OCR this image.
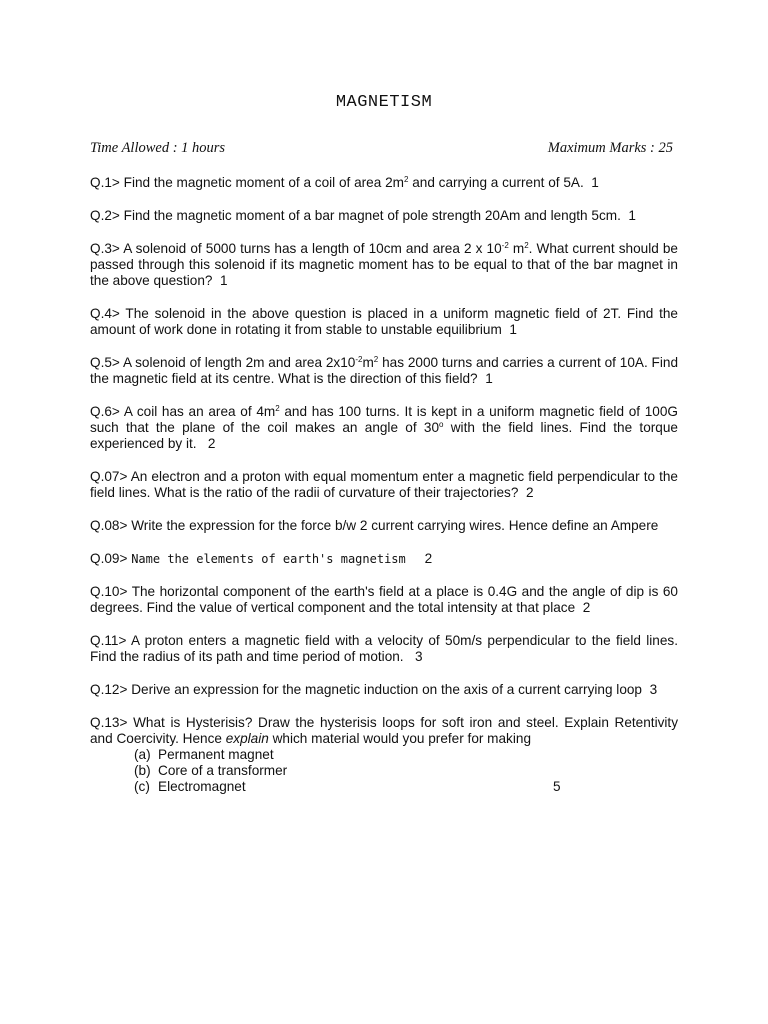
MAGNETISM
Time Allowed : 1 hours	Maximum Marks : 25

Q.1> Find the magnetic moment of a coil of area $2m^2$ and carrying a current of 5A. 1

Q.2> Find the magnetic moment of a bar magnet of pole strength 20Am and length 5cm. 1

Q.3> A solenoid of 5000 turns has a length of 10cm and area 2 x $10^{-2}$ $m^2$. What current should be passed through this solenoid if its magnetic moment has to be equal to that of the bar magnet in the above question? 1

Q.4> The solenoid in the above question is placed in a uniform magnetic field of 2T. Find the amount of work done in rotating it from stable to unstable equilibrium 1

Q.5> A solenoid of length 2m and area $2x10^{-2}m^2$ has 2000 turns and carries a current of 10A. Find the magnetic field at its centre. What is the direction of this field? 1

Q.6> A coil has an area of $4m^2$ and has 100 turns. It is kept in a uniform magnetic field of 100G such that the plane of the coil makes an angle of 30$^o$ with the field lines. Find the torque experienced by it. 2

Q.07> An electron and a proton with equal momentum enter a magnetic field perpendicular to the field lines. What is the ratio of the radii of curvature of their trajectories? 2

Q.08> Write the expression for the force b/w 2 current carrying wires. Hence define an Ampere

Q.09> Name the elements of earth's magnetism 2

Q.10> The horizontal component of the earth's field at a place is 0.4G and the angle of dip is 60 degrees. Find the value of vertical component and the total intensity at that place 2

Q.11> A proton enters a magnetic field with a velocity of 50m/s perpendicular to the field lines. Find the radius of its path and time period of motion. 3

Q.12> Derive an expression for the magnetic induction on the axis of a current carrying loop 3

Q.13> What is Hysterisis? Draw the hysterisis loops for soft iron and steel. Explain Retentivity and Coercivity. Hence explain which material would you prefer for making

(a) Permanent magnet
(b) Core of a transformer
(c) Electromagnet	5
